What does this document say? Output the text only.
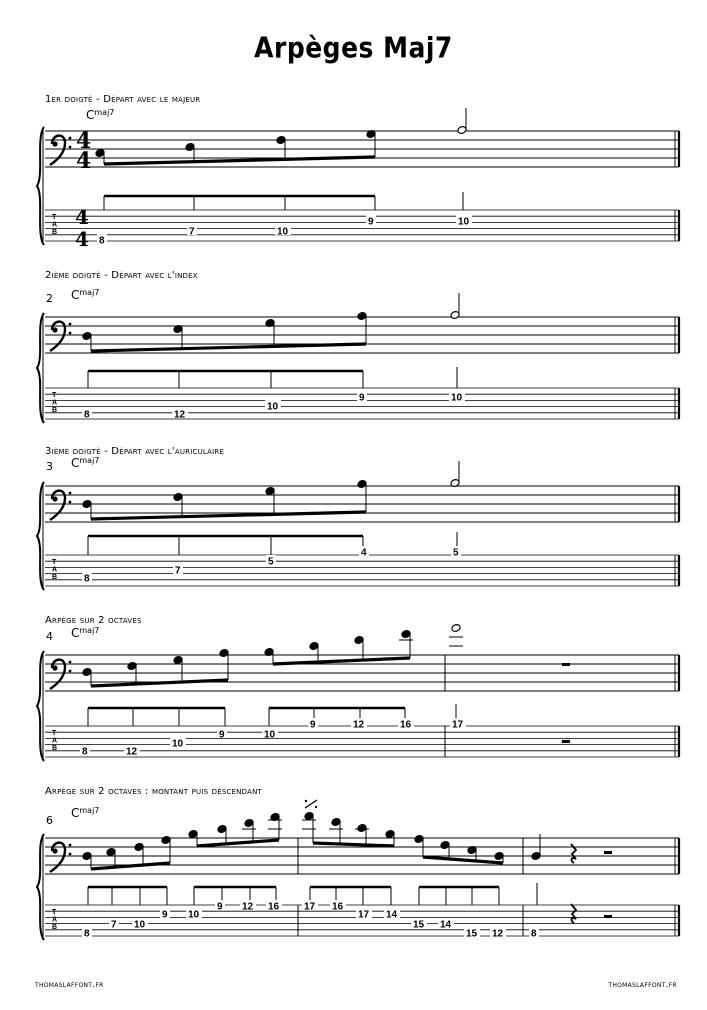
Arpèges Maj7
1er doigté - Départ avec le majeur
2ième doigté - Départ avec l'index
3ième doigté - Départ avec l'auriculaire
Arpège sur 2 octaves
Arpège sur 2 octaves : montant puis descendant
2
3
4
6
$C^{maj7}$
$C^{maj7}$
$C^{maj7}$
$C^{maj7}$
$C^{maj7}$
T
A
B
4
4
4
4 8
7	10
9	10
T
A
B	8	12
10
9	10
T
A
B	8
7
5
4	5
T
A
B 8	12
10
9	10
9	12	16	17
T
A
B
8
7 10
9 10
9 12 16 17 16
17 14
15 14
15 12	8
thomaslaffont.fr	thomaslaffont.fr
